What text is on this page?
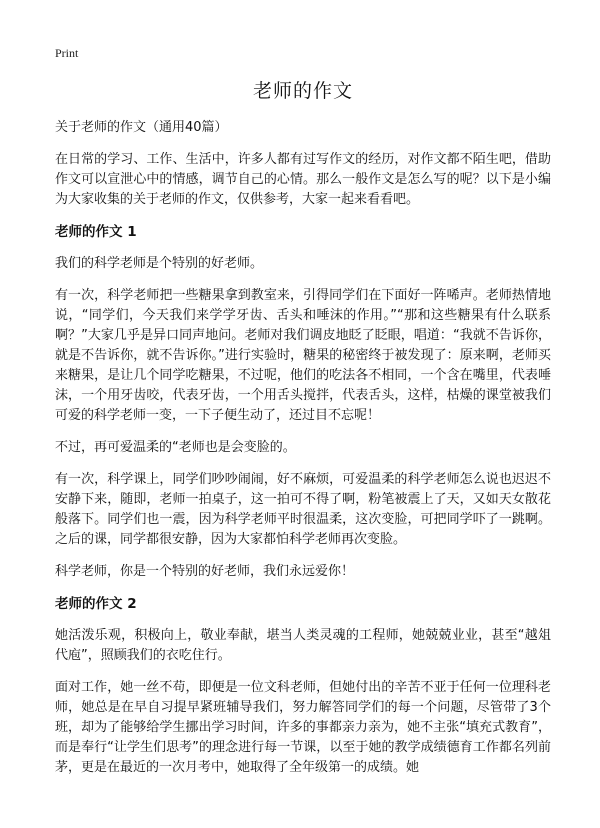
Print
老师的作文
关于老师的作文（通用40篇）

在日常的学习、工作、生活中，许多人都有过写作文的经历，对作文都不陌生吧，借助作文可以宣泄心中的情感，调节自己的心情。那么一般作文是怎么写的呢？以下是小编为大家收集的关于老师的作文，仅供参考，大家一起来看看吧。

老师的作文 1

我们的科学老师是个特别的好老师。

有一次，科学老师把一些糖果拿到教室来，引得同学们在下面好一阵唏声。老师热情地说，“同学们，今天我们来学学牙齿、舌头和唾沫的作用。”“那和这些糖果有什么联系啊？”大家几乎是异口同声地问。老师对我们调皮地眨了眨眼，唱道：“我就不告诉你，就是不告诉你，就不告诉你。”进行实验时，糖果的秘密终于被发现了：原来啊，老师买来糖果，是让几个同学吃糖果，不过呢，他们的吃法各不相同，一个含在嘴里，代表唾沫，一个用牙齿咬，代表牙齿，一个用舌头搅拌，代表舌头，这样，枯燥的课堂被我们可爱的科学老师一变，一下子便生动了，还过目不忘呢！

不过，再可爱温柔的“老师也是会变脸的。

有一次，科学课上，同学们吵吵闹闹，好不麻烦，可爱温柔的科学老师怎么说也迟迟不安静下来，随即，老师一拍桌子，这一拍可不得了啊，粉笔被震上了天，又如天女散花般落下。同学们也一震，因为科学老师平时很温柔，这次变脸，可把同学吓了一跳啊。之后的课，同学都很安静，因为大家都怕科学老师再次变脸。

科学老师，你是一个特别的好老师，我们永远爱你！

老师的作文 2

她活泼乐观，积极向上，敬业奉献，堪当人类灵魂的工程师，她兢兢业业，甚至“越俎代庖”，照顾我们的衣吃住行。

面对工作，她一丝不苟，即便是一位文科老师，但她付出的辛苦不亚于任何一位理科老师，她总是在早自习提早紧班辅导我们，努力解答同学们的每一个问题，尽管带了3个班，却为了能够给学生挪出学习时间，许多的事都亲力亲为，她不主张“填充式教育”，而是奉行“让学生们思考”的理念进行每一节课，以至于她的教学成绩德育工作都名列前茅，更是在最近的一次月考中，她取得了全年级第一的成绩。她
